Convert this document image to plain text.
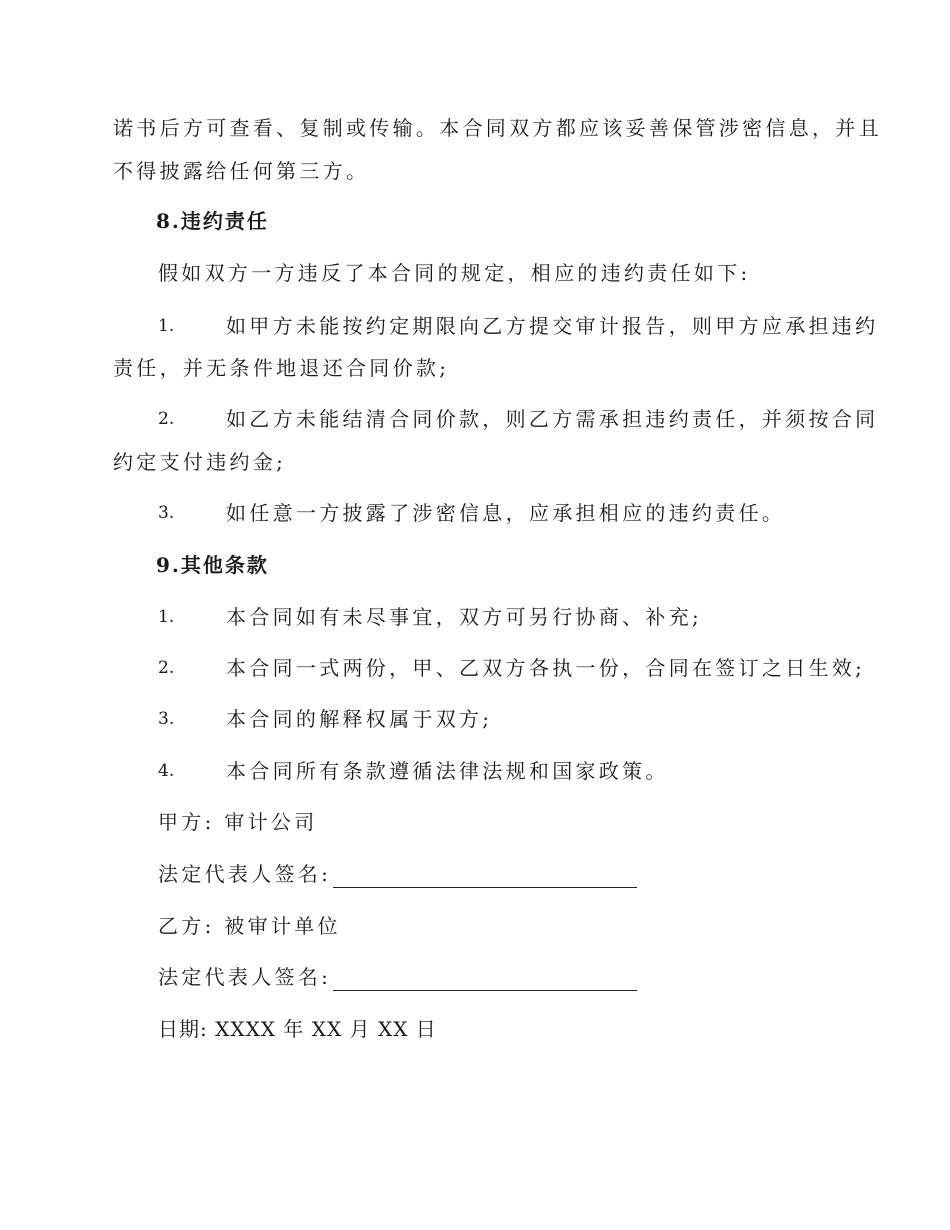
诺书后方可查看、复制或传输。本合同双方都应该妥善保管涉密信息，并且
不得披露给任何第三方。
8.违约责任
假如双方一方违反了本合同的规定，相应的违约责任如下:
1.	如甲方未能按约定期限向乙方提交审计报告，则甲方应承担违约
责任，并无条件地退还合同价款;
2.	如乙方未能结清合同价款，则乙方需承担违约责任，并须按合同
约定支付违约金;
3.	如任意一方披露了涉密信息，应承担相应的违约责任。
9.其他条款
1.	本合同如有未尽事宜，双方可另行协商、补充;
2.	本合同一式两份，甲、乙双方各执一份，合同在签订之日生效;
3.	本合同的解释权属于双方;
4.	本合同所有条款遵循法律法规和国家政策。
甲方: 审计公司
法定代表人签名:
乙方: 被审计单位
法定代表人签名:
日期: XXXX 年 XX 月 XX 日
